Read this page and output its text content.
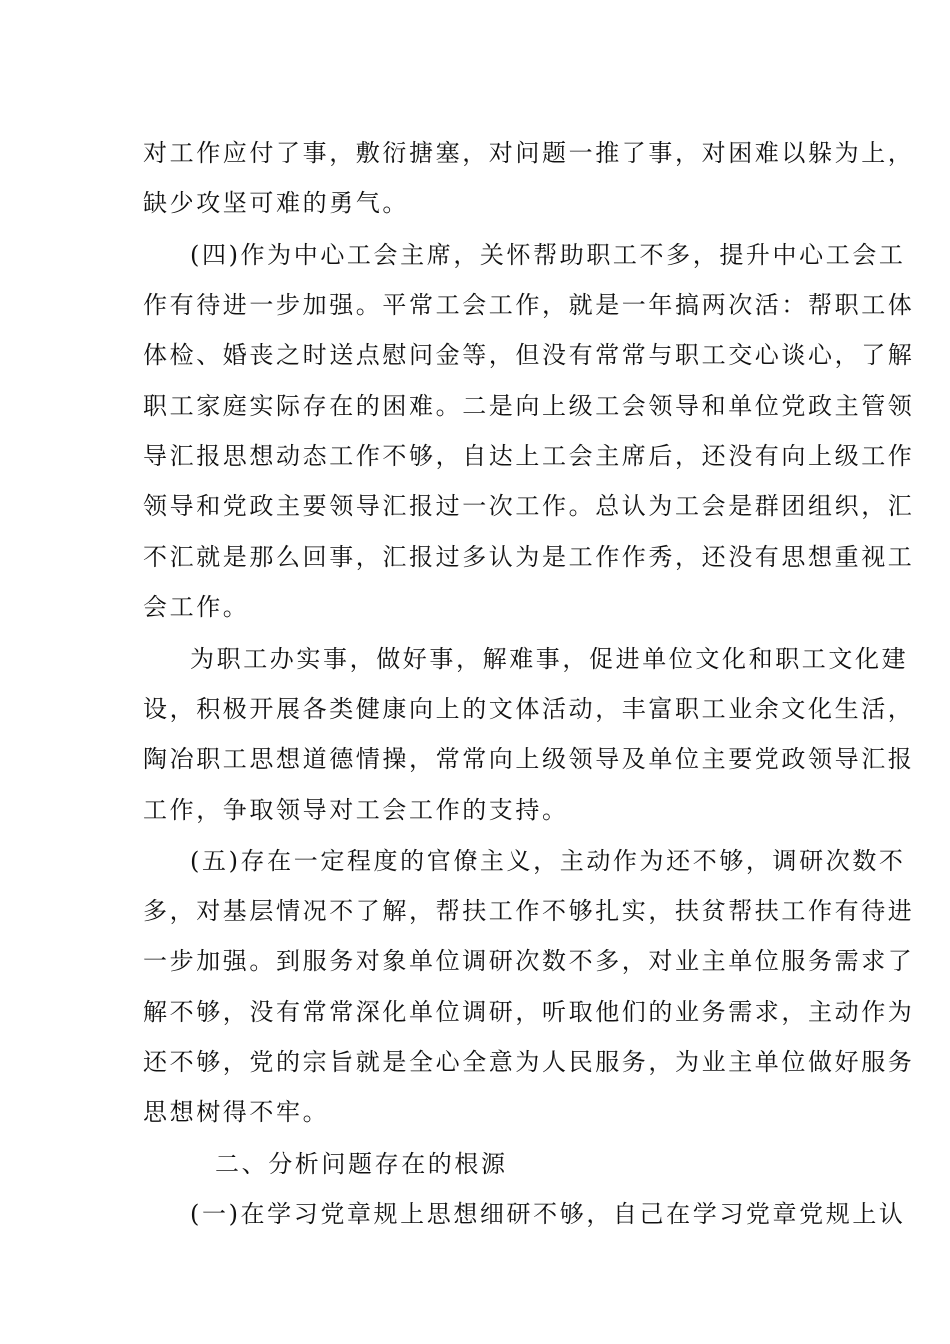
对工作应付了事，敷衍搪塞，对问题一推了事，对困难以躲为上，
缺少攻坚可难的勇气。
(四)作为中心工会主席，关怀帮助职工不多，提升中心工会工
作有待进一步加强。平常工会工作，就是一年搞两次活：帮职工体
体检、婚丧之时送点慰问金等，但没有常常与职工交心谈心，了解
职工家庭实际存在的困难。二是向上级工会领导和单位党政主管领
导汇报思想动态工作不够，自达上工会主席后，还没有向上级工作
领导和党政主要领导汇报过一次工作。总认为工会是群团组织，汇
不汇就是那么回事，汇报过多认为是工作作秀，还没有思想重视工
会工作。
为职工办实事，做好事，解难事，促进单位文化和职工文化建
设，积极开展各类健康向上的文体活动，丰富职工业余文化生活，
陶冶职工思想道德情操，常常向上级领导及单位主要党政领导汇报
工作，争取领导对工会工作的支持。
(五)存在一定程度的官僚主义，主动作为还不够，调研次数不
多，对基层情况不了解，帮扶工作不够扎实，扶贫帮扶工作有待进
一步加强。到服务对象单位调研次数不多，对业主单位服务需求了
解不够，没有常常深化单位调研，听取他们的业务需求，主动作为
还不够，党的宗旨就是全心全意为人民服务，为业主单位做好服务
思想树得不牢。
二、分析问题存在的根源
(一)在学习党章规上思想细研不够，自己在学习党章党规上认
